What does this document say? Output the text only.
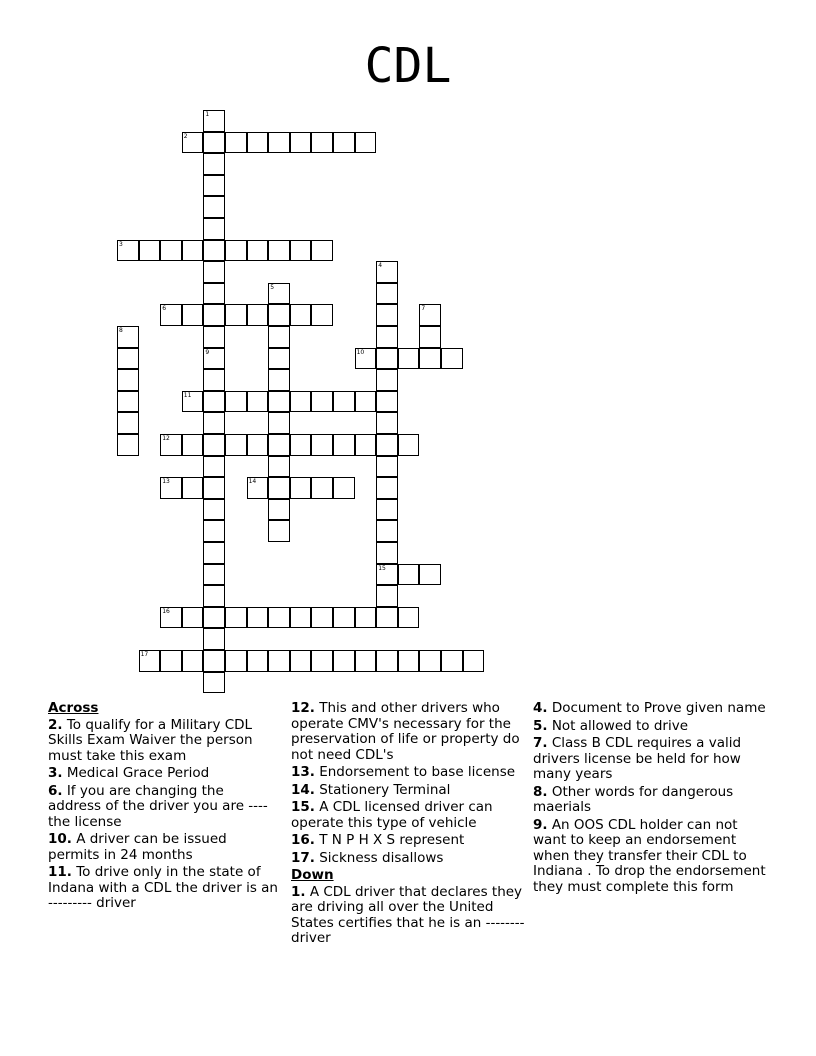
CDL
1
9
2
3
4
15
5
6	7
8
10
11
12
13	14
16
17
Across
2. To qualify for a Military CDL Skills Exam Waiver the person must take this exam
3. Medical Grace Period
6. If you are changing the address of the driver you are ---- the license
10. A driver can be issued permits in 24 months
11. To drive only in the state of Indana with a CDL the driver is an --------- driver
12. This and other drivers who operate CMV's necessary for the preservation of life or property do not need CDL's
13. Endorsement to base license
14. Stationery Terminal
15. A CDL licensed driver can operate this type of vehicle
16. T N P H X S represent
17. Sickness disallows
Down
1. A CDL driver that declares they are driving all over the United States certifies that he is an -------- driver
4. Document to Prove given name
5. Not allowed to drive
7. Class B CDL requires a valid drivers license be held for how many years
8. Other words for dangerous maerials
9. An OOS CDL holder can not want to keep an endorsement when they transfer their CDL to Indiana . To drop the endorsement they must complete this form
